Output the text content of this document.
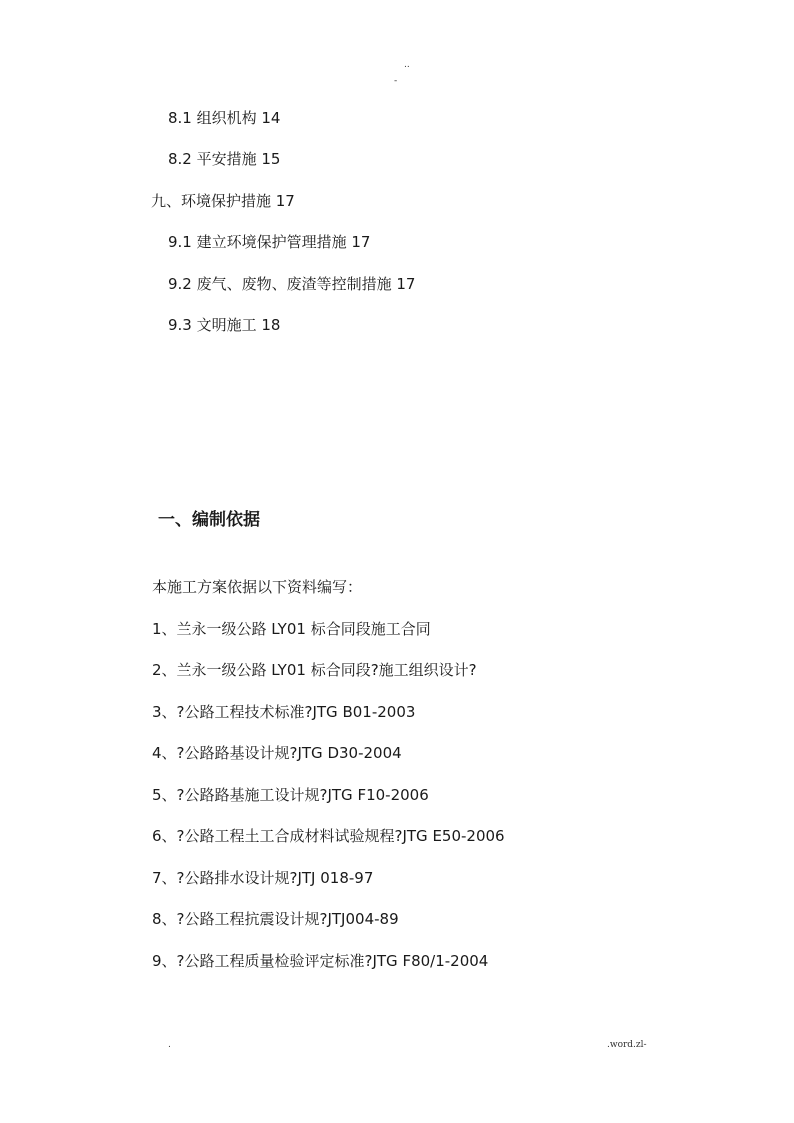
..
-
8.1 组织机构 14
8.2 平安措施 15
九、环境保护措施 17
9.1 建立环境保护管理措施 17
9.2 废气、废物、废渣等控制措施 17
9.3 文明施工 18
一、编制依据
本施工方案依据以下资料编写：
1、兰永一级公路 LY01 标合同段施工合同
2、兰永一级公路 LY01 标合同段?施工组织设计?
3、?公路工程技术标准?JTG B01-2003
4、?公路路基设计规?JTG D30-2004
5、?公路路基施工设计规?JTG F10-2006
6、?公路工程土工合成材料试验规程?JTG E50-2006
7、?公路排水设计规?JTJ 018-97
8、?公路工程抗震设计规?JTJ004-89
9、?公路工程质量检验评定标准?JTG F80/1-2004
.	.word.zl-
